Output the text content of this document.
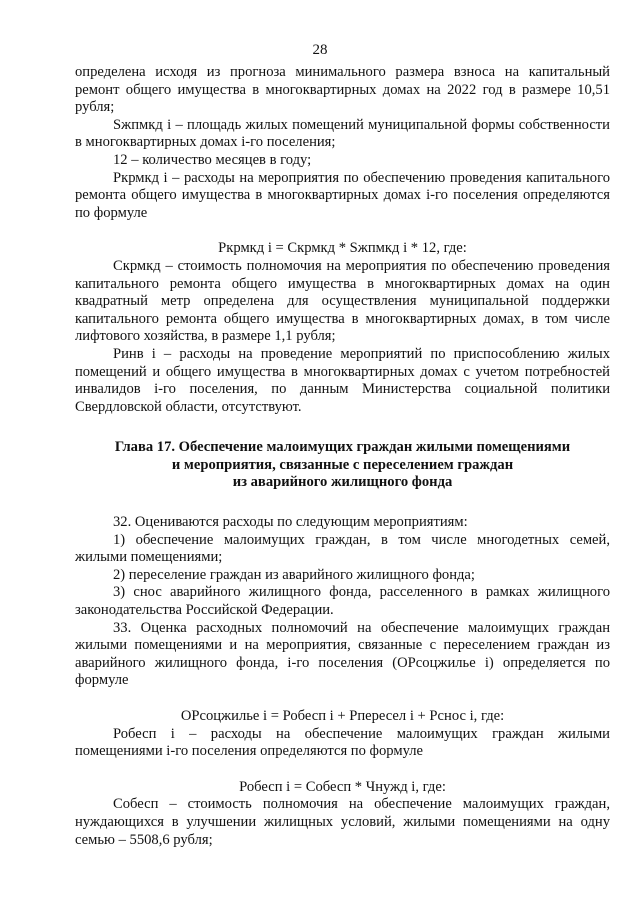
28

определена исходя из прогноза минимального размера взноса на капитальный ремонт общего имущества в многоквартирных домах на 2022 год в размере 10,51 рубля;

Sжпмкд i – площадь жилых помещений муниципальной формы собственности в многоквартирных домах i-го поселения;

12 – количество месяцев в году;

Ркрмкд i – расходы на мероприятия по обеспечению проведения капитального ремонта общего имущества в многоквартирных домах i-го поселения определяются по формуле

Ркрмкд i = Скрмкд * Sжпмкд i * 12, где:

Скрмкд – стоимость полномочия на мероприятия по обеспечению проведения капитального ремонта общего имущества в многоквартирных домах на один квадратный метр определена для осуществления муниципальной поддержки капитального ремонта общего имущества в многоквартирных домах, в том числе лифтового хозяйства, в размере 1,1 рубля;

Ринв i – расходы на проведение мероприятий по приспособлению жилых помещений и общего имущества в многоквартирных домах с учетом потребностей инвалидов i-го поселения, по данным Министерства социальной политики Свердловской области, отсутствуют.

Глава 17. Обеспечение малоимущих граждан жилыми помещениями
и мероприятия, связанные с переселением граждан
из аварийного жилищного фонда

32. Оцениваются расходы по следующим мероприятиям:

1) обеспечение малоимущих граждан, в том числе многодетных семей, жилыми помещениями;

2) переселение граждан из аварийного жилищного фонда;

3) снос аварийного жилищного фонда, расселенного в рамках жилищного законодательства Российской Федерации.

33. Оценка расходных полномочий на обеспечение малоимущих граждан жилыми помещениями и на мероприятия, связанные с переселением граждан из аварийного жилищного фонда, i-го поселения (ОРсоцжилье i) определяется по формуле

ОРсоцжилье i = Робесп i + Рпересел i + Рснос i, где:

Робесп i – расходы на обеспечение малоимущих граждан жилыми помещениями i-го поселения определяются по формуле

Робесп i = Собесп * Чнужд i, где:

Собесп – стоимость полномочия на обеспечение малоимущих граждан, нуждающихся в улучшении жилищных условий, жилыми помещениями на одну семью – 5508,6 рубля;
